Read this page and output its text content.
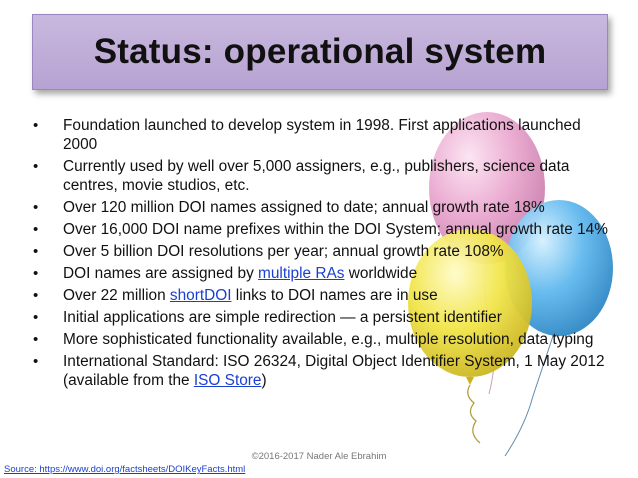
Status: operational system
• Foundation launched to develop system in 1998. First applications launched 2000
• Currently used by well over 5,000 assigners, e.g., publishers, science data centres, movie studios, etc.
• Over 120 million DOI names assigned to date; annual growth rate 18%
• Over 16,000 DOI name prefixes within the DOI System; annual growth rate 14%
• Over 5 billion DOI resolutions per year; annual growth rate 108%
• DOI names are assigned by multiple RAs worldwide
• Over 22 million shortDOI links to DOI names are in use
• Initial applications are simple redirection — a persistent identifier
• More sophisticated functionality available, e.g., multiple resolution, data typing
• International Standard: ISO 26324, Digital Object Identifier System, 1 May 2012 (available from the ISO Store)
©2016-2017 Nader Ale Ebrahim
Source: https://www.doi.org/factsheets/DOIKeyFacts.html
